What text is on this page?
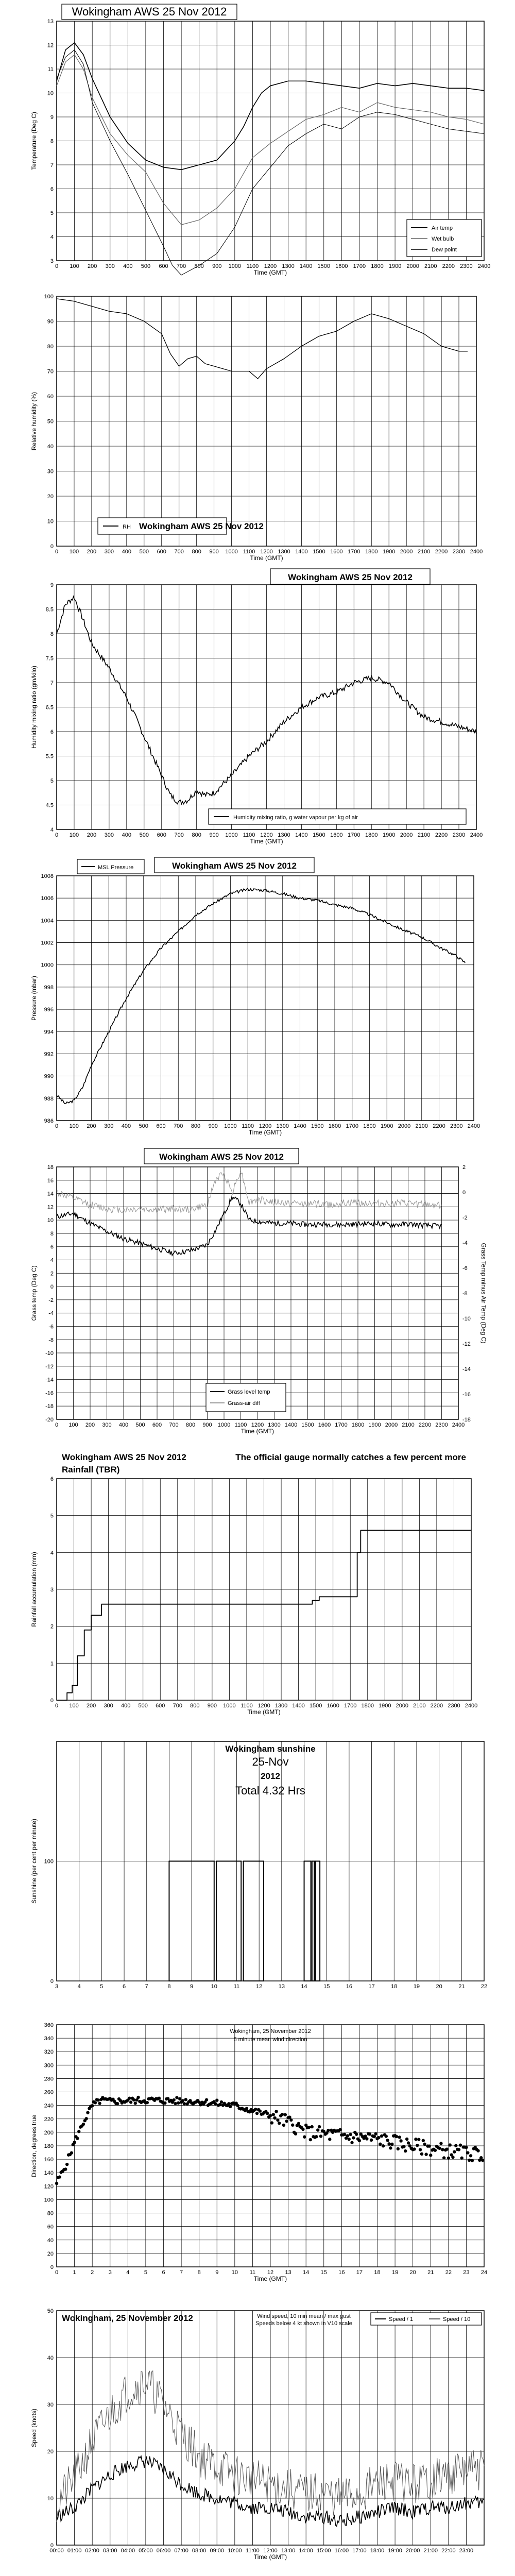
0 100 200 300 400 500 600 700 800 900 1000 1100 1200 1300 1400 1500 1600 1700 1800 1900 2000 2100 2200 2300 2400
3
4
5
6
7
8
9
10
11
12
13
Time (GMT)
Temperature (Deg C)
Wokingham AWS 25 Nov 2012
Air temp
Wet bulb
Dew point
0 100 200 300 400 500 600 700 800 900 1000 1100 1200 1300 1400 1500 1600 1700 1800 1900 2000 2100 2200 2300 2400
0
10
20
30
40
50
60
70
80
90
100
Time (GMT)
Relative humidity (%)
RH Wokingham AWS 25 Nov 2012
0 100 200 300 400 500 600 700 800 900 1000 1100 1200 1300 1400 1500 1600 1700 1800 1900 2000 2100 2200 2300 2400
4
4.5
5
5.5
6
6.5
7
7.5
8
8.5
9
Time (GMT)
Humidity mixing ratio (gm/kilo)
Wokingham AWS 25 Nov 2012
Humidity mixing ratio, g water vapour per kg of air
0 100 200 300 400 500 600 700 800 900 1000 1100 1200 1300 1400 1500 1600 1700 1800 1900 2000 2100 2200 2300 2400
986
988
990
992
994
996
998
1000
1002
1004
1006
1008
Time (GMT)
Pressure (mbar)
MSL Pressure	Wokingham AWS 25 Nov 2012
0 100 200 300 400 500 600 700 800 900 1000 1100 1200 1300 1400 1500 1600 1700 1800 1900 2000 2100 2200 2300 2400
-20
-18
-16
-14
-12
-10
-8
-6
-4
-2
0
2
4
6
8
10
12
14
16
18
Time (GMT)
Grass temp (Deg C)
-18
-16
-14
-12
-10
-8
-6
-4
-2
0
2
Grass Temp minus Air Temp (Deg C)
Wokingham AWS 25 Nov 2012
Grass level temp
Grass-air diff
0 100 200 300 400 500 600 700 800 900 1000 1100 1200 1300 1400 1500 1600 1700 1800 1900 2000 2100 2200 2300 2400
0
1
2
3
4
5
6
Time (GMT)
Rainfall accumulation (mm)
Wokingham AWS 25 Nov 2012
Rainfall (TBR)
The official gauge normally catches a few percent more
3	4	5	6	7	8	9	10	11	12	13	14	15	16	17	18	19	20	21	22
0
100
Sunshine (per cent per minute)
Wokingham sunshine
25-Nov
2012
Total 4.32 Hrs
0	1	2	3	4	5	6	7	8	9 10 11 12 13 14 15 16 17 18 19 20 21 22 23 24
0
20
40
60
80
100
120
140
160
180
200
220
240
260
280
300
320
340
360
Time (GMT)
Direction, degrees true
Wokingham, 25 November 2012
5 minute mean wind direction
00:00 01:00 02:00 03:00 04:00 05:00 06:00 07:00 08:00 09:00 10:00 11:00 12:00 13:00 14:00 15:00 16:00 17:00 18:00 19:00 20:00 21:00 22:00 23:00
0
10
20
30
40
50
Time (GMT)
Speed (knots)
Wokingham, 25 November 2012	Wind speed, 10 min mean / max gust
Speeds below 4 kt shown in V10 scale
Speed / 1	Speed / 10
